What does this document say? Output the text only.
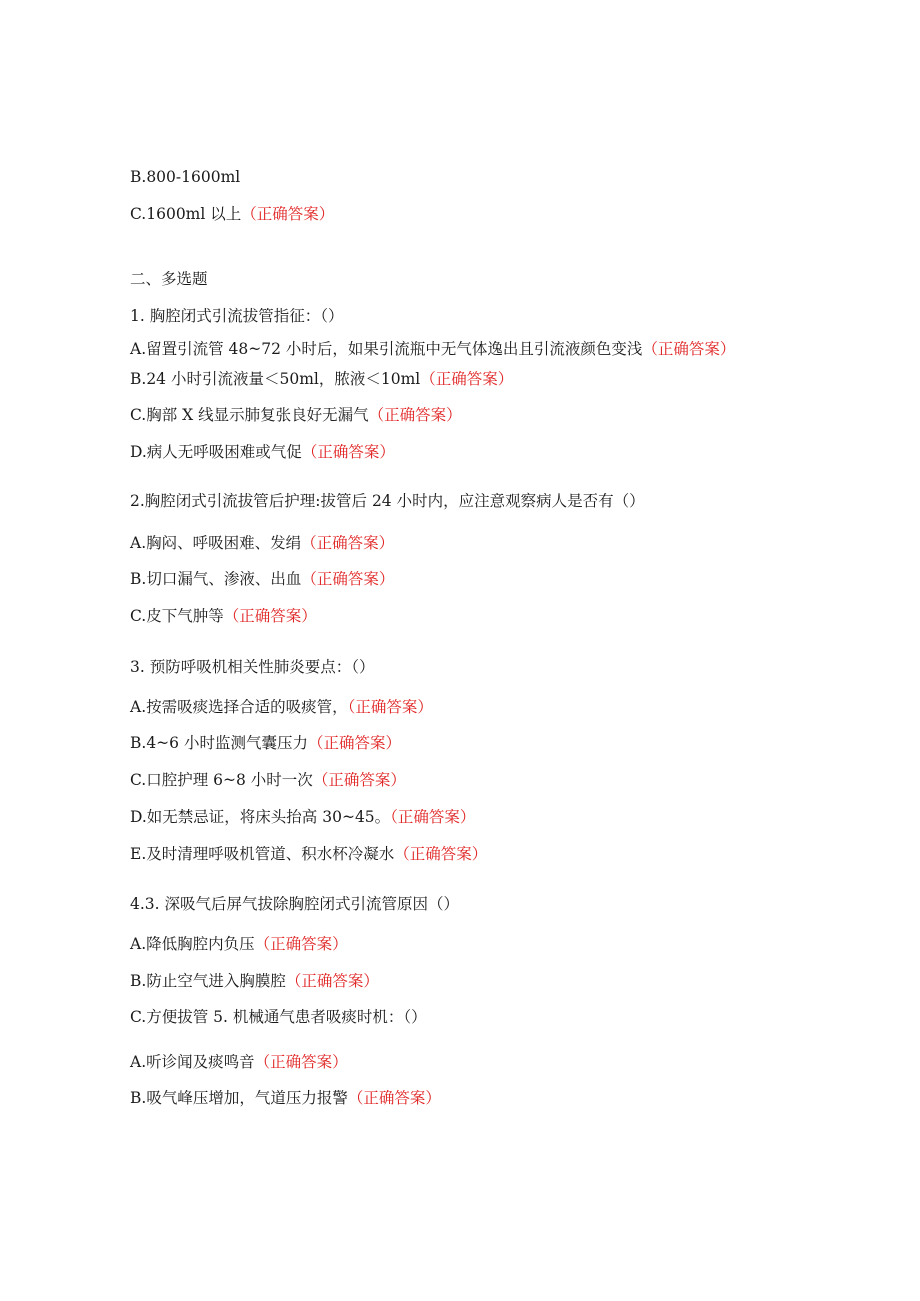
B.800-1600ml
C.1600ml 以上（正确答案）
二、多选题
1. 胸腔闭式引流拔管指征：（）
A.留置引流管 48~72 小时后，如果引流瓶中无气体逸出且引流液颜色变浅（正确答案）
B.24 小时引流液量＜50ml，脓液＜10ml（正确答案）
C.胸部 X 线显示肺复张良好无漏气（正确答案）
D.病人无呼吸困难或气促（正确答案）
2.胸腔闭式引流拔管后护理:拔管后 24 小时内，应注意观察病人是否有（）
A.胸闷、呼吸困难、发绢（正确答案）
B.切口漏气、渗液、出血（正确答案）
C.皮下气肿等（正确答案）
3. 预防呼吸机相关性肺炎要点：（）
A.按需吸痰选择合适的吸痰管，（正确答案）
B.4~6 小时监测气囊压力（正确答案）
C.口腔护理 6~8 小时一次（正确答案）
D.如无禁忌证，将床头抬高 30~45。（正确答案）
E.及时清理呼吸机管道、积水杯冷凝水（正确答案）
4.3. 深吸气后屏气拔除胸腔闭式引流管原因（）
A.降低胸腔内负压（正确答案）
B.防止空气进入胸膜腔（正确答案）
C.方便拔管 5. 机械通气患者吸痰时机：（）
A.听诊闻及痰鸣音（正确答案）
B.吸气峰压增加，气道压力报警（正确答案）
